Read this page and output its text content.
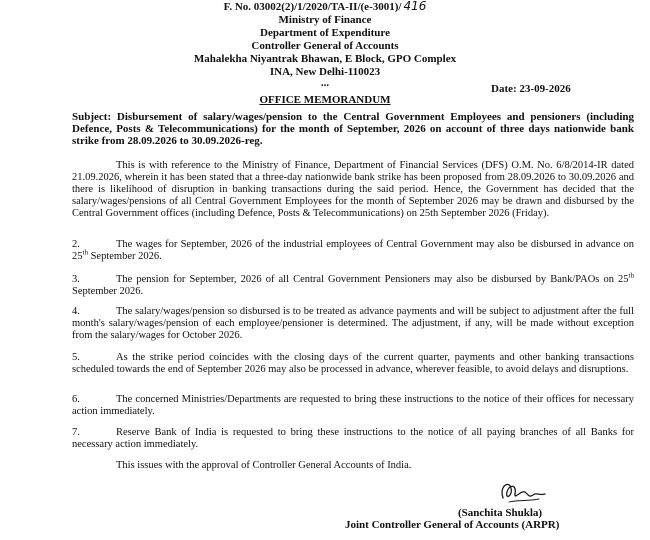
F. No. 03002(2)/1/2020/TA-II/(e-3001)/ 416
Ministry of Finance
Department of Expenditure
Controller General of Accounts
Mahalekha Niyantrak Bhawan, E Block, GPO Complex
INA, New Delhi-110023
...	Date: 23-09-2026
OFFICE MEMORANDUM
Subject: Disbursement of salary/wages/pension to the Central Government Employees and pensioners (including Defence, Posts & Telecommunications) for the month of September, 2026 on account of three days nationwide bank strike from 28.09.2026 to 30.09.2026-reg.
This is with reference to the Ministry of Finance, Department of Financial Services (DFS) O.M. No. 6/8/2014-IR dated 21.09.2026, wherein it has been stated that a three-day nationwide bank strike has been proposed from 28.09.2026 to 30.09.2026 and there is likelihood of disruption in banking transactions during the said period. Hence, the Government has decided that the salary/wages/pensions of all Central Government Employees for the month of September 2026 may be drawn and disbursed by the Central Government offices (including Defence, Posts & Telecommunications) on 25th September 2026 (Friday).
2.	The wages for September, 2026 of the industrial employees of Central Government may also be disbursed in advance on 25th September 2026.
3.	The pension for September, 2026 of all Central Government Pensioners may also be disbursed by Bank/PAOs on 25th September 2026.
4.	The salary/wages/pension so disbursed is to be treated as advance payments and will be subject to adjustment after the full month's salary/wages/pension of each employee/pensioner is determined. The adjustment, if any, will be made without exception from the salary/wages for October 2026.
5.	As the strike period coincides with the closing days of the current quarter, payments and other banking transactions scheduled towards the end of September 2026 may also be processed in advance, wherever feasible, to avoid delays and disruptions.
6.	The concerned Ministries/Departments are requested to bring these instructions to the notice of their offices for necessary action immediately.
7.	Reserve Bank of India is requested to bring these instructions to the notice of all paying branches of all Banks for necessary action immediately.
This issues with the approval of Controller General Accounts of India.
(Sanchita Shukla)
Joint Controller General of Accounts (ARPR)
